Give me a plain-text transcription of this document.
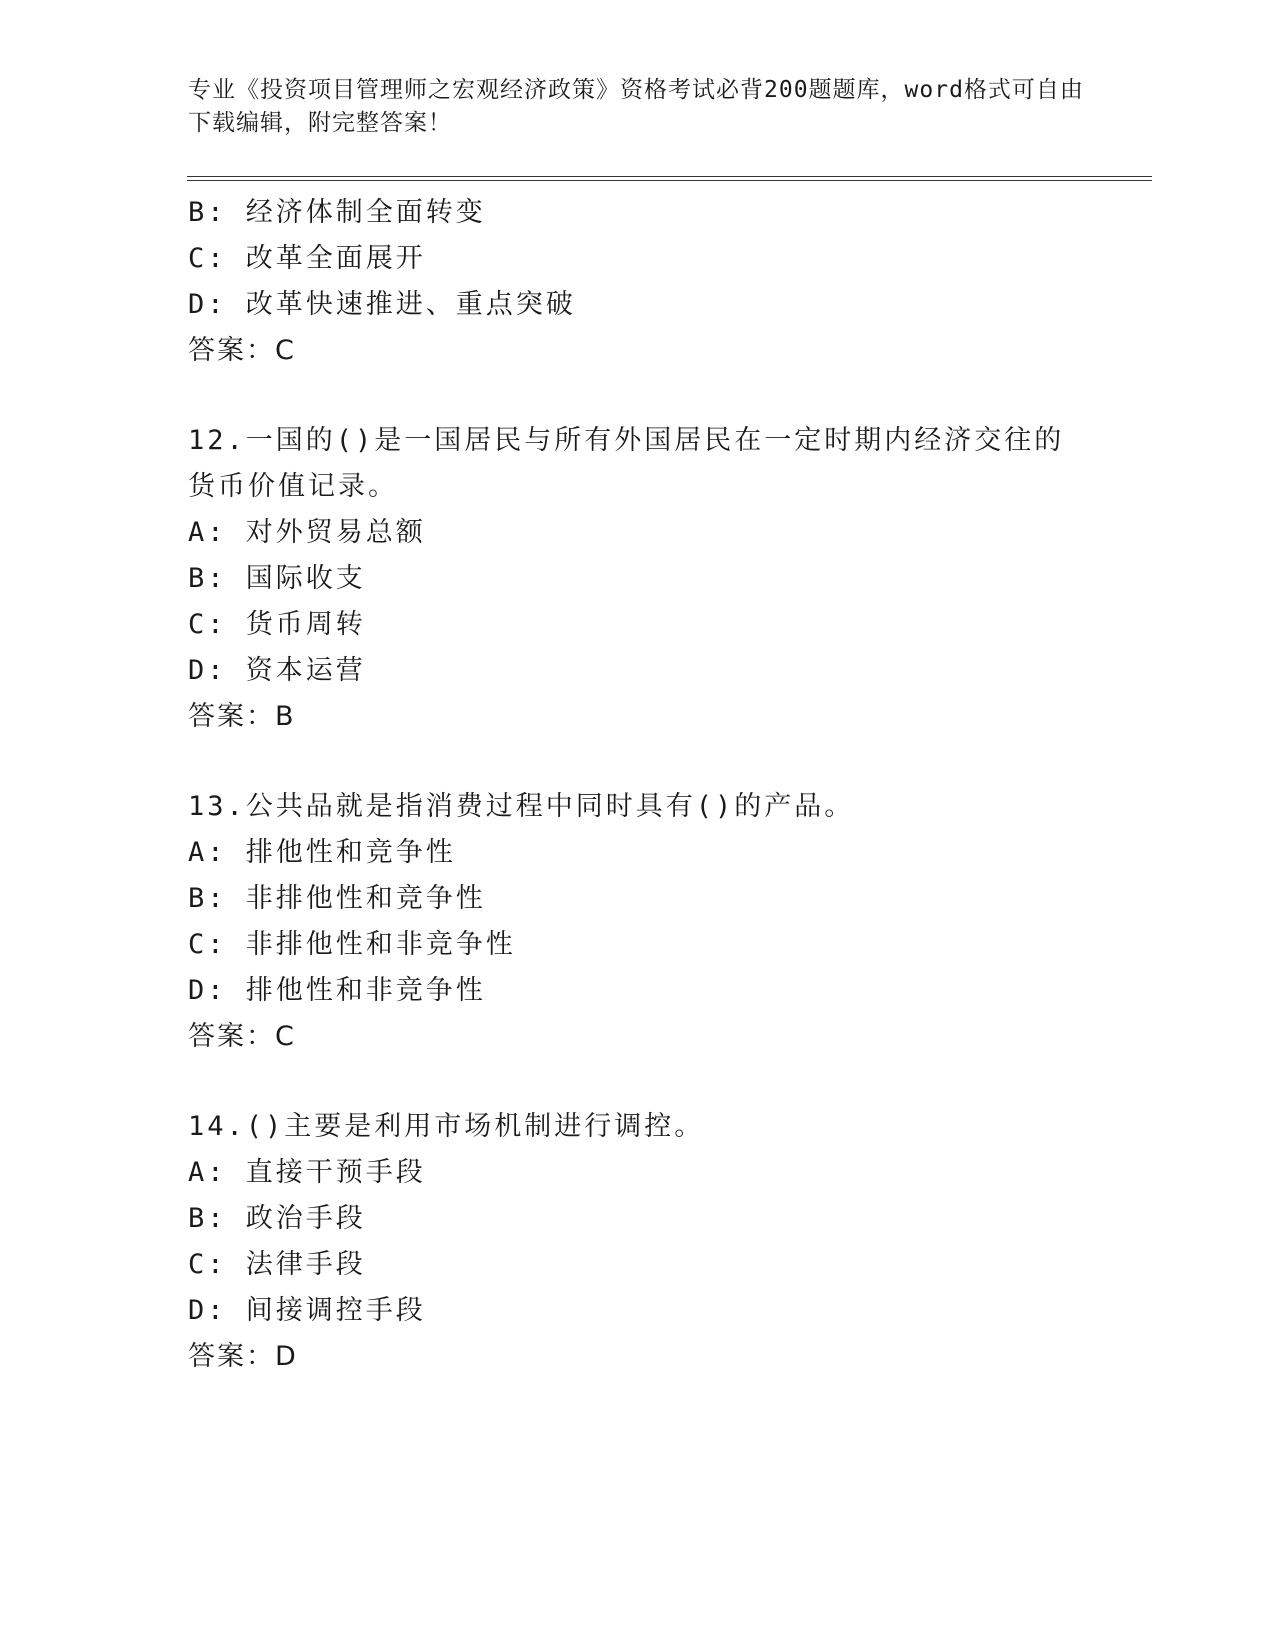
专业《投资项目管理师之宏观经济政策》资格考试必背200题题库，word格式可自由下载编辑，附完整答案！
B: 经济体制全面转变
C: 改革全面展开
D: 改革快速推进、重点突破
答案：C
12.一国的()是一国居民与所有外国居民在一定时期内经济交往的货币价值记录。
A: 对外贸易总额
B: 国际收支
C: 货币周转
D: 资本运营
答案：B
13.公共品就是指消费过程中同时具有()的产品。
A: 排他性和竞争性
B: 非排他性和竞争性
C: 非排他性和非竞争性
D: 排他性和非竞争性
答案：C
14.()主要是利用市场机制进行调控。
A: 直接干预手段
B: 政治手段
C: 法律手段
D: 间接调控手段
答案：D
